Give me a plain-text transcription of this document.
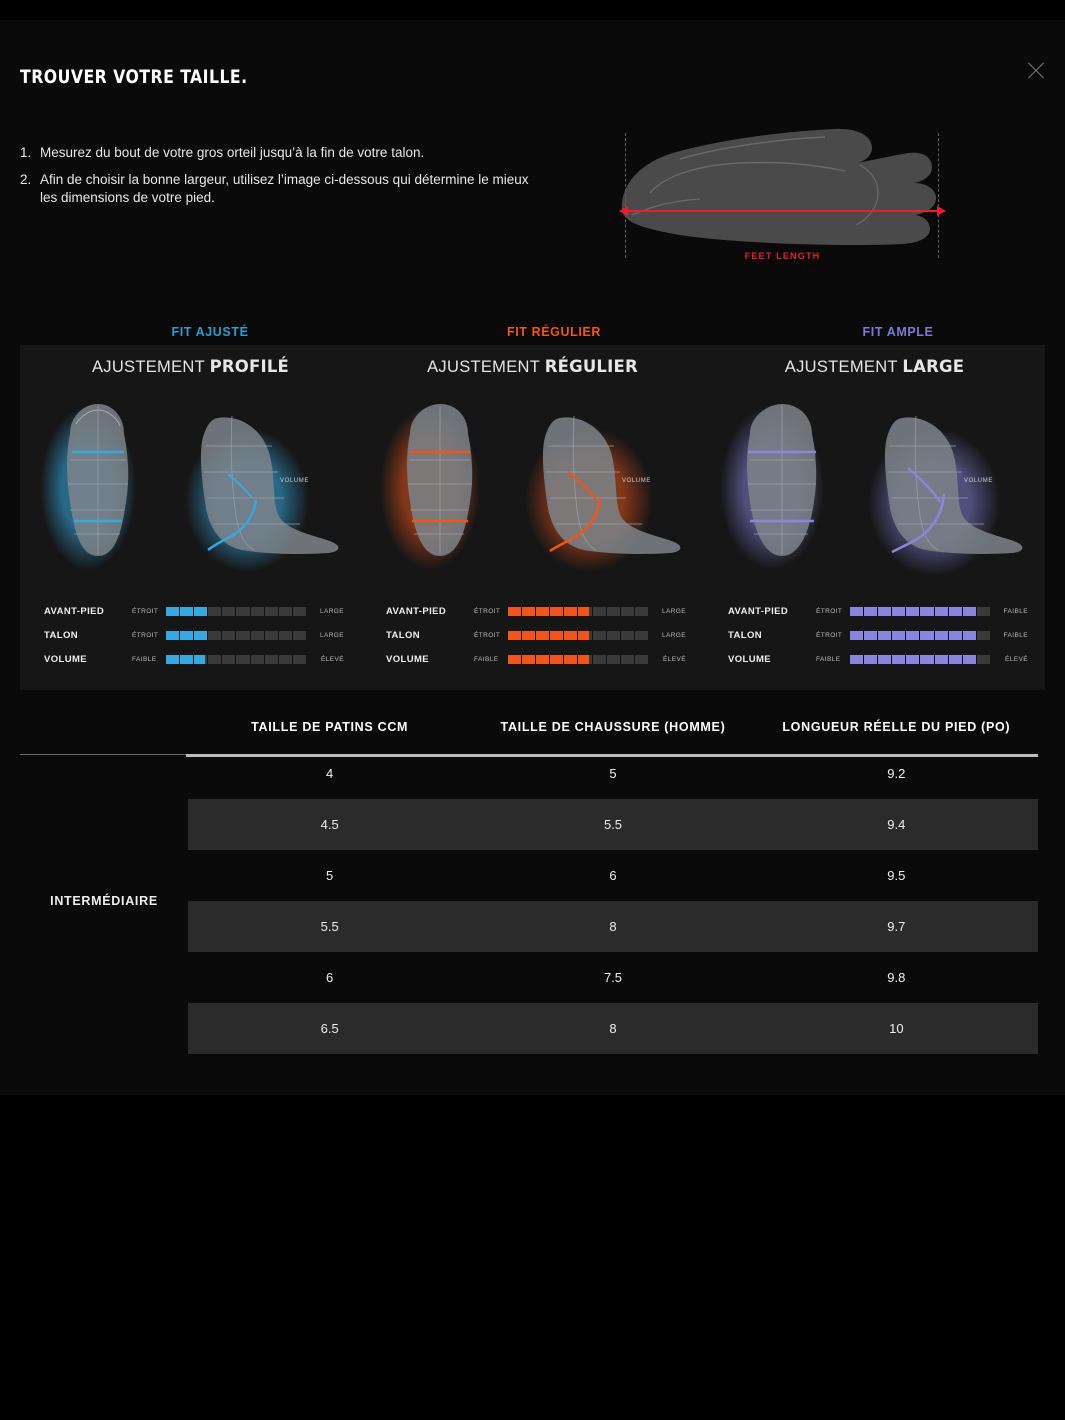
TROUVER VOTRE TAILLE.
1. Mesurez du bout de votre gros orteil jusqu’à la fin de votre talon.
2. Afin de choisir la bonne largeur, utilisez l’image ci-dessous qui détermine le mieux les dimensions de votre pied.
FEET LENGTH
FIT AJUSTÉ	FIT RÉGULIER	FIT AMPLE
AJUSTEMENT PROFILÉ
VOLUME
AVANT-PIED	ÉTROIT	LARGE
TALON	ÉTROIT	LARGE
VOLUME	FAIBLE	ÉLEVÉ
AJUSTEMENT RÉGULIER
VOLUME
AVANT-PIED	ÉTROIT	LARGE
TALON	ÉTROIT	LARGE
VOLUME	FAIBLE	ÉLEVÉ
AJUSTEMENT LARGE
VOLUME
AVANT-PIED	ÉTROIT	FAIBLE
TALON	ÉTROIT	FAIBLE
VOLUME	FAIBLE	ÉLEVÉ
	TAILLE DE PATINS CCM	TAILLE DE CHAUSSURE (HOMME)	LONGUEUR RÉELLE DU PIED (PO)
INTERMÉDIAIRE	4	5	9.2
	4.5	5.5	9.4
	5	6	9.5
	5.5	8	9.7
	6	7.5	9.8
	6.5	8	10
